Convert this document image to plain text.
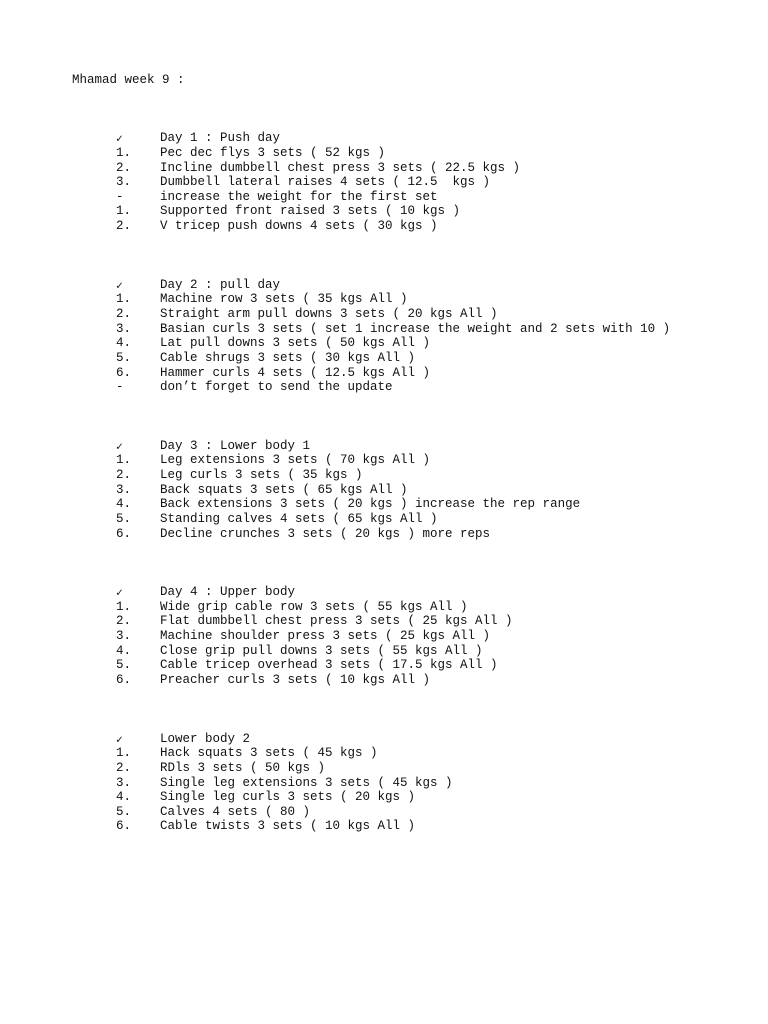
Mhamad week 9 :

✓

	Day 1 : Push day

1.

Pec dec flys 3 sets ( 52 kgs )

2.

Incline dumbbell chest press 3 sets ( 22.5 kgs )

3.

Dumbbell lateral raises 4 sets ( 12.5  kgs )

-

	increase the weight for the first set

1.

Supported front raised 3 sets ( 10 kgs )

2.

V tricep push downs 4 sets ( 30 kgs )

✓

	Day 2 : pull day

1.

Machine row 3 sets ( 35 kgs All )

2.

Straight arm pull downs 3 sets ( 20 kgs All )

3.

Basian curls 3 sets ( set 1 increase the weight and 2 sets with 10 )

4.

Lat pull downs 3 sets ( 50 kgs All )

5.

Cable shrugs 3 sets ( 30 kgs All )

6.

Hammer curls 4 sets ( 12.5 kgs All )

-

	don’t forget to send the update

✓

	Day 3 : Lower body 1

1.

Leg extensions 3 sets ( 70 kgs All )

2.

Leg curls 3 sets ( 35 kgs )

3.

Back squats 3 sets ( 65 kgs All )

4.

Back extensions 3 sets ( 20 kgs ) increase the rep range

5.

Standing calves 4 sets ( 65 kgs All )

6.

Decline crunches 3 sets ( 20 kgs ) more reps

✓

	Day 4 : Upper body

1.

Wide grip cable row 3 sets ( 55 kgs All )

2.

Flat dumbbell chest press 3 sets ( 25 kgs All )

3.

Machine shoulder press 3 sets ( 25 kgs All )

4.

Close grip pull downs 3 sets ( 55 kgs All )

5.

Cable tricep overhead 3 sets ( 17.5 kgs All )

6.

Preacher curls 3 sets ( 10 kgs All )

✓

	Lower body 2

1.

Hack squats 3 sets ( 45 kgs )

2.

RDls 3 sets ( 50 kgs )

3.

Single leg extensions 3 sets ( 45 kgs )

4.

Single leg curls 3 sets ( 20 kgs )

5.

Calves 4 sets ( 80 )

6.

Cable twists 3 sets ( 10 kgs All )
